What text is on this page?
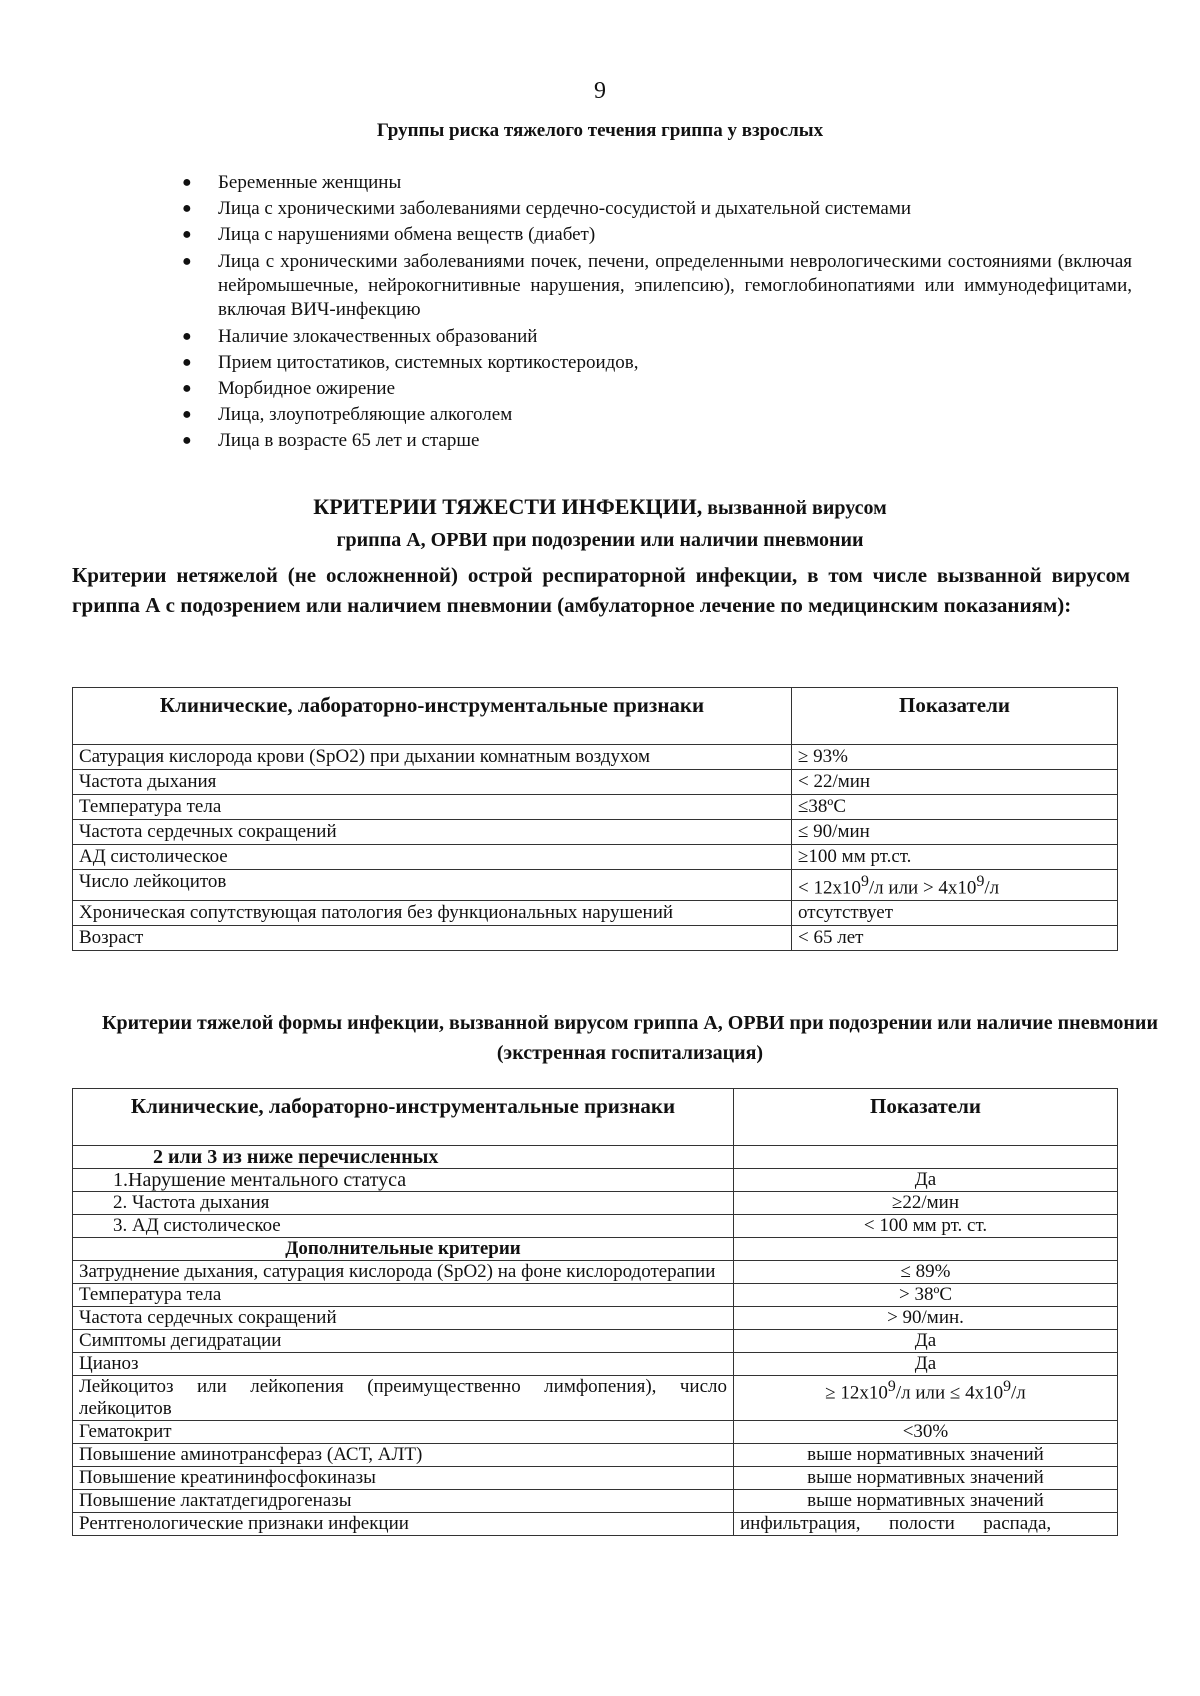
9
Группы риска тяжелого течения гриппа у взрослых
● Беременные женщины
● Лица с хроническими заболеваниями сердечно-сосудистой и дыхательной системами
● Лица с нарушениями обмена веществ (диабет)
● Лица с хроническими заболеваниями почек, печени, определенными неврологическими состояниями (включая нейромышечные, нейрокогнитивные нарушения, эпилепсию), гемоглобинопатиями или иммунодефицитами, включая ВИЧ-инфекцию
● Наличие злокачественных образований
● Прием цитостатиков, системных кортикостероидов,
● Морбидное ожирение
● Лица, злоупотребляющие алкоголем
● Лица в возрасте 65 лет и старше
КРИТЕРИИ ТЯЖЕСТИ ИНФЕКЦИИ, вызванной вирусом
гриппа А, ОРВИ при подозрении или наличии пневмонии
Критерии нетяжелой (не осложненной) острой респираторной инфекции, в том числе вызванной вирусом гриппа А с подозрением или наличием пневмонии (амбулаторное лечение по медицинским показаниям):
Клинические, лабораторно-инструментальные признаки	Показатели
Сатурация кислорода крови (SpO2) при дыхании комнатным воздухом	≥ 93%
Частота дыхания	< 22/мин
Температура тела	≤38ºC
Частота сердечных сокращений	≤ 90/мин
АД систолическое	≥100 мм рт.ст.
Число лейкоцитов	< $12x10^9/л$ или > $4x10^9/л$
Хроническая сопутствующая патология без функциональных нарушений	отсутствует
Возраст	< 65 лет
Критерии тяжелой формы инфекции, вызванной вирусом гриппа А, ОРВИ при подозрении или наличие пневмонии (экстренная госпитализация)
Клинические, лабораторно-инструментальные признаки	Показатели
2 или 3 из ниже перечисленных	
1.Нарушение ментального статуса	Да
2. Частота дыхания	≥22/мин
3. АД систолическое	< 100 мм рт. ст.
Дополнительные критерии	
Затруднение дыхания, сатурация кислорода (SpO2) на фоне кислородотерапии	≤ 89%
Температура тела	> 38ºC
Частота сердечных сокращений	> 90/мин.
Симптомы дегидратации	Да
Цианоз	Да
Лейкоцитоз или лейкопения (преимущественно лимфопения), число лейкоцитов	≥ $12x10^9/л$ или ≤ $4x10^9/л$
Гематокрит	<30%
Повышение аминотрансфераз (АСТ, АЛТ)	выше нормативных значений
Повышение креатининфосфокиназы	выше нормативных значений
Повышение лактатдегидрогеназы	выше нормативных значений
Рентгенологические признаки инфекции	инфильтрация,      полости      распада,
